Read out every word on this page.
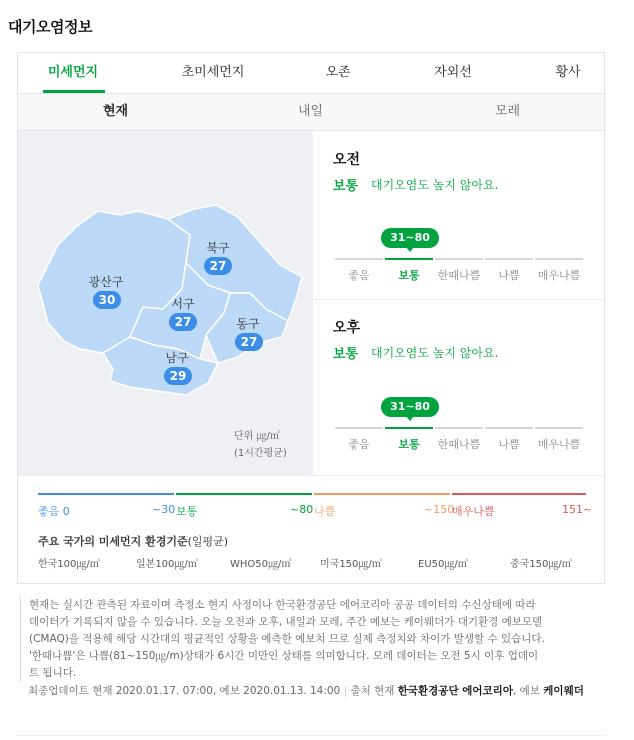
대기오염정보
미세먼지	초미세먼지	오존	자외선	황사
현재	내일	모레
광산구
30
북구
27
서구
27	동구
27
남구
29
단위 ㎍/㎥
(1시간평균)
오전
보통 대기오염도 높지 않아요.
31~80
좋음	보통	한때나쁨	나쁨	매우나쁨
오후
보통 대기오염도 높지 않아요.
31~80
좋음	보통	한때나쁨	나쁨	매우나쁨
좋음 0	~30 보통	~80 나쁨	~150
매우나쁨	151~
주요 국가의 미세먼지 환경기준(일평균)
한국100㎍/㎥	일본100㎍/㎥	WHO50㎍/㎥	미국150㎍/㎥	EU50㎍/㎥	중국150㎍/㎥

현재는 실시간 관측된 자료이며 측정소 현지 사정이나 한국환경공단 에어코리아 공공 데이터의 수신상태에 따라

데이터가 기록되지 않을 수 있습니다. 오늘 오전과 오후, 내일과 모레, 주간 예보는 케이웨더가 대기환경 예보모델

(CMAQ)을 적용해 해당 시간대의 평균적인 상황을 예측한 예보치 므로 실제 측정치와 차이가 발생할 수 있습니다.

'한때나쁨'은 나쁨(81~150㎍/m)상태가 6시간 미만인 상태를 의미합니다. 모레 데이터는 오전 5시 이후 업데이

트 됩니다.

최종업데이트 현재 2020.01.17. 07:00, 예보 2020.01.13. 14:00 | 출처 현재 한국환경공단 에어코리아, 예보 케이웨더
